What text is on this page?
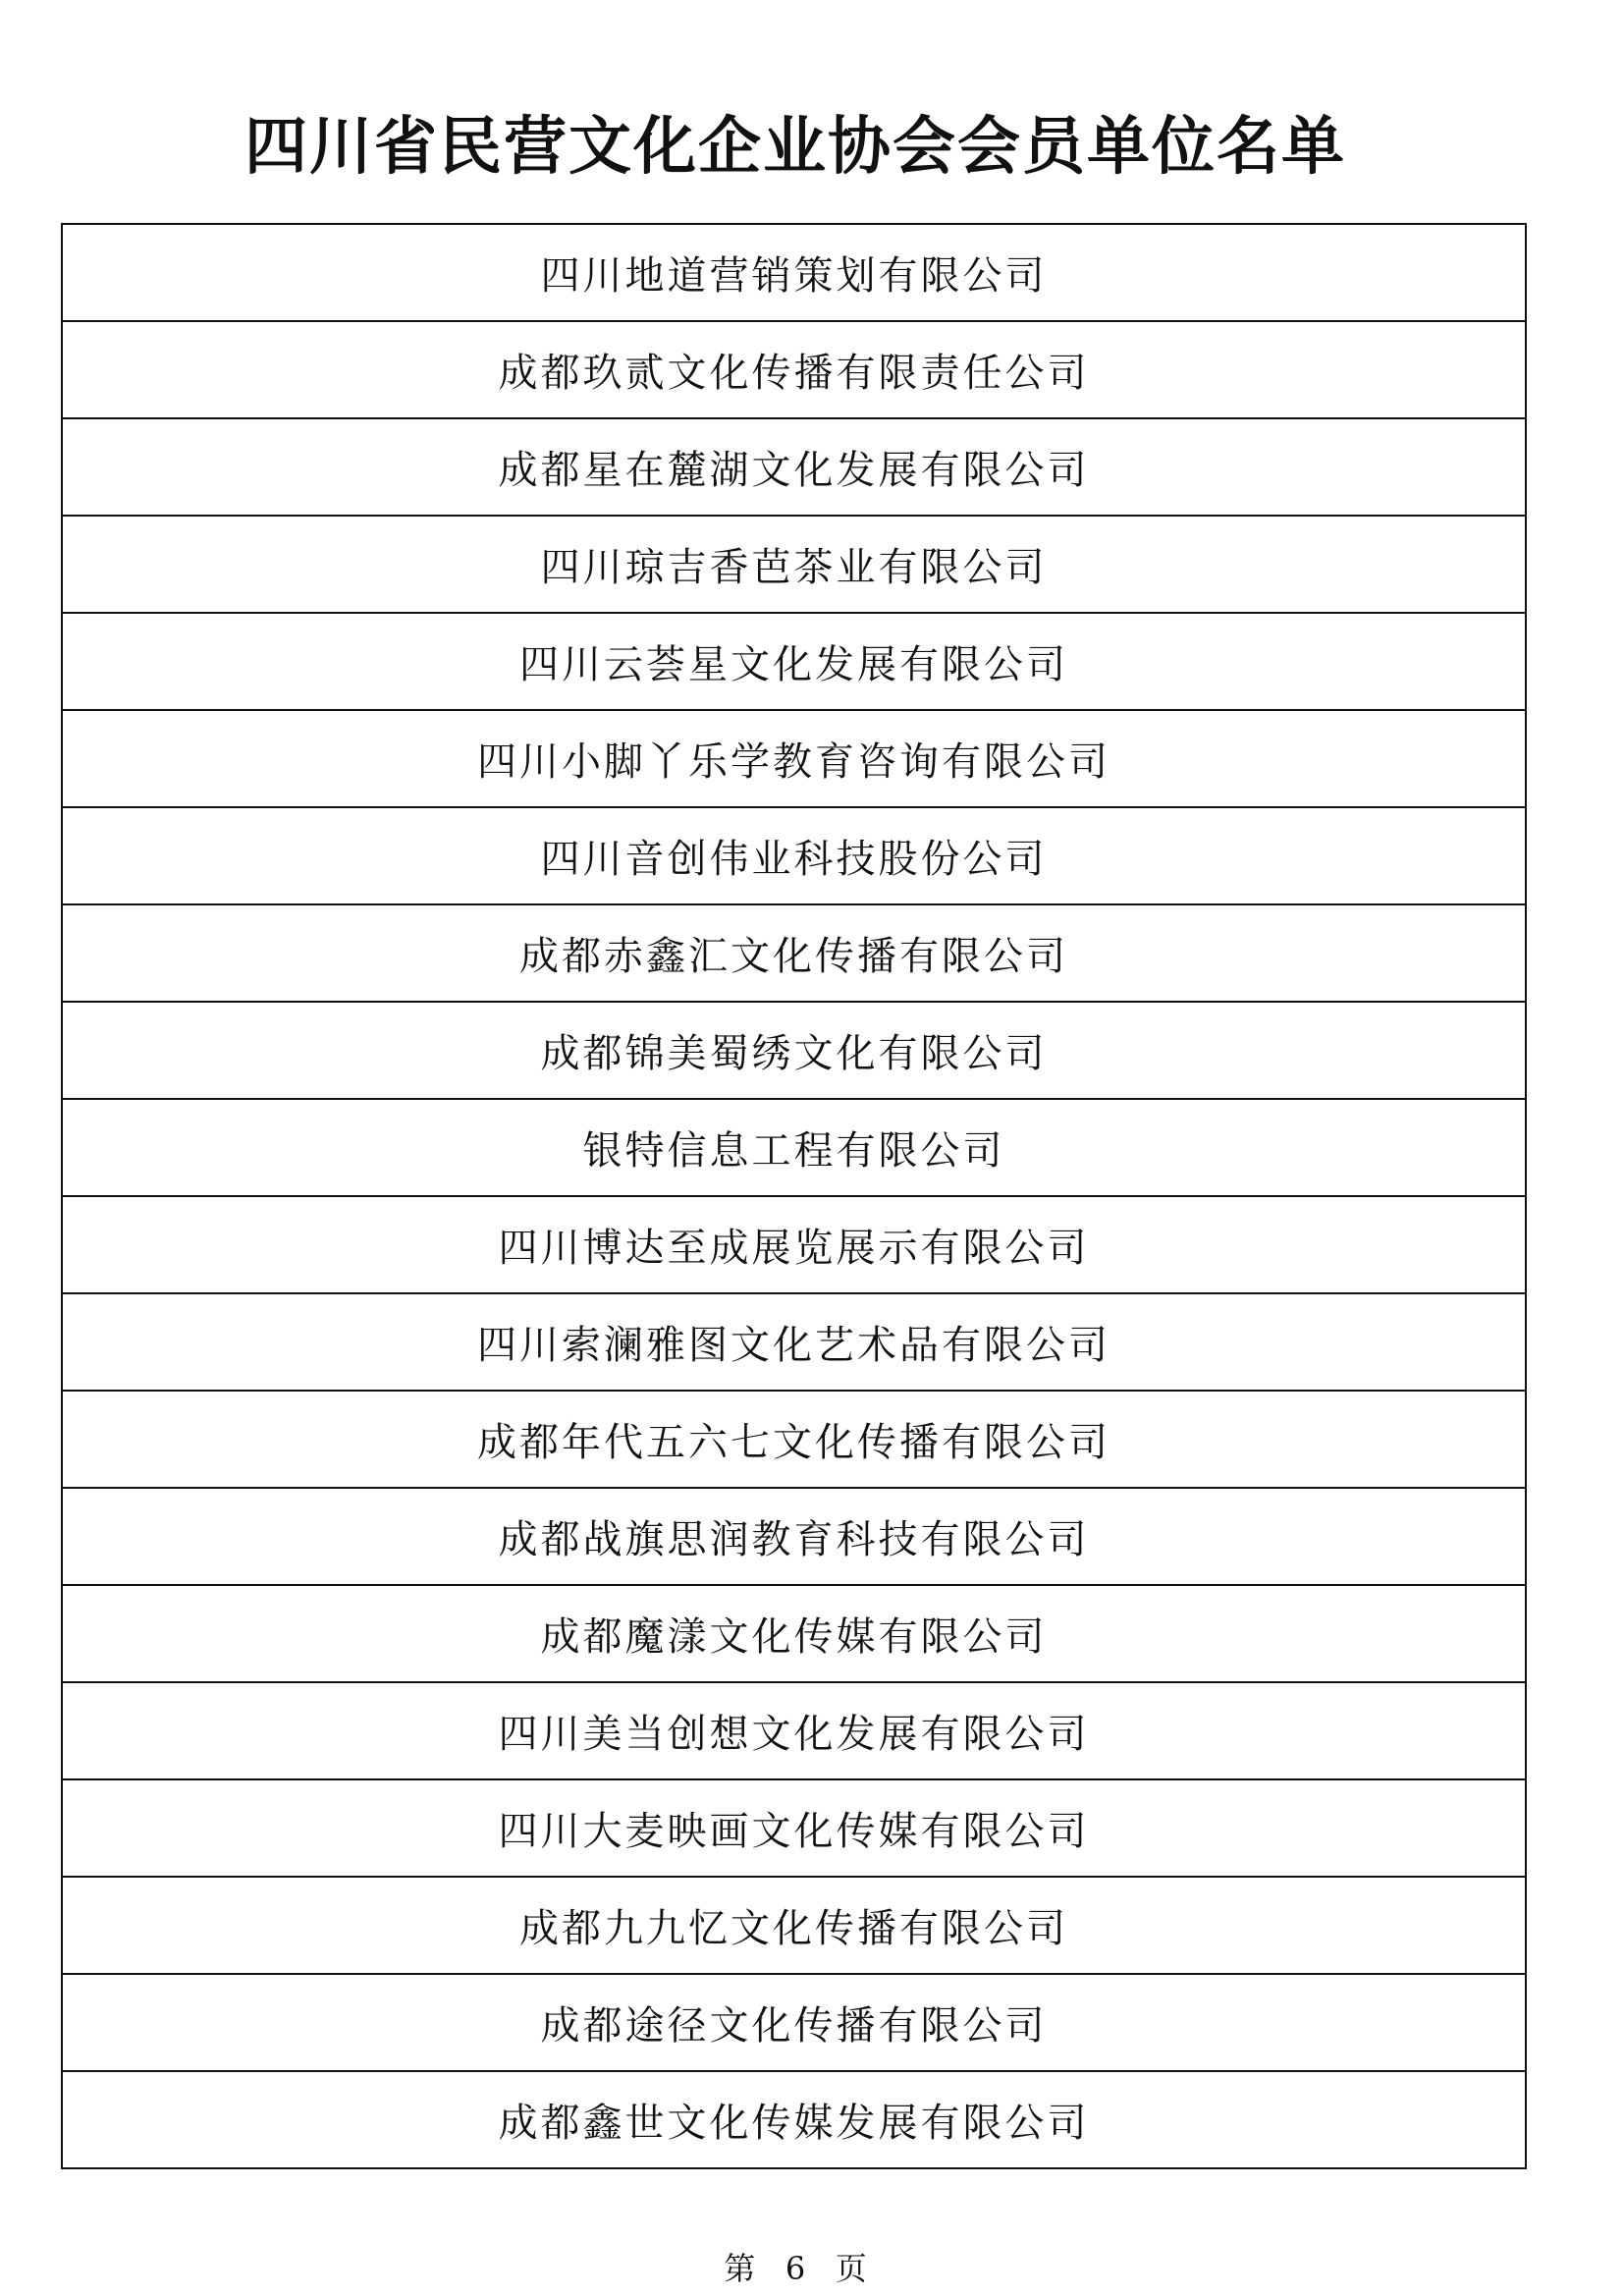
四川省民营文化企业协会会员单位名单
四川地道营销策划有限公司
成都玖贰文化传播有限责任公司
成都星在麓湖文化发展有限公司
四川琼吉香芭茶业有限公司
四川云荟星文化发展有限公司
四川小脚丫乐学教育咨询有限公司
四川音创伟业科技股份公司
成都赤鑫汇文化传播有限公司
成都锦美蜀绣文化有限公司
银特信息工程有限公司
四川博达至成展览展示有限公司
四川索澜雅图文化艺术品有限公司
成都年代五六七文化传播有限公司
成都战旗思润教育科技有限公司
成都魔漾文化传媒有限公司
四川美当创想文化发展有限公司
四川大麦映画文化传媒有限公司
成都九九忆文化传播有限公司
成都途径文化传播有限公司
成都鑫世文化传媒发展有限公司
第 6 页
